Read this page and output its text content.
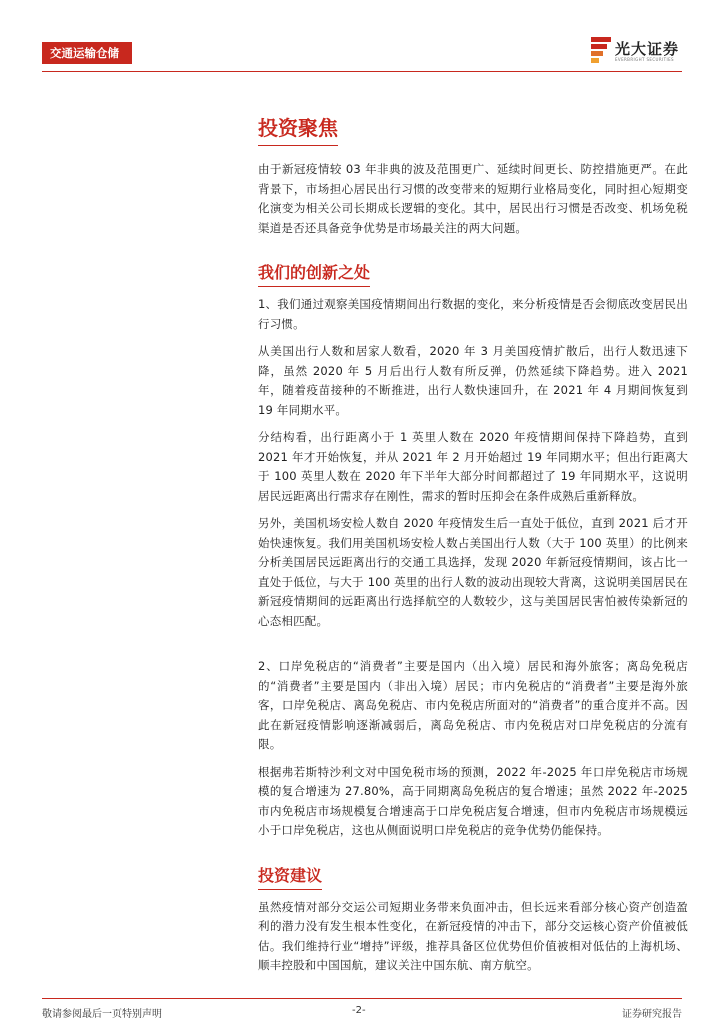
交通运输仓储	光大证券
EVERBRIGHT SECURITIES
投资聚焦

由于新冠疫情较 03 年非典的波及范围更广、延续时间更长、防控措施更严。在此背景下，市场担心居民出行习惯的改变带来的短期行业格局变化，同时担心短期变化演变为相关公司长期成长逻辑的变化。其中，居民出行习惯是否改变、机场免税渠道是否还具备竞争优势是市场最关注的两大问题。

我们的创新之处

1、我们通过观察美国疫情期间出行数据的变化，来分析疫情是否会彻底改变居民出行习惯。

从美国出行人数和居家人数看，2020 年 3 月美国疫情扩散后，出行人数迅速下降，虽然 2020 年 5 月后出行人数有所反弹，仍然延续下降趋势。进入 2021 年，随着疫苗接种的不断推进，出行人数快速回升，在 2021 年 4 月期间恢复到 19 年同期水平。

分结构看，出行距离小于 1 英里人数在 2020 年疫情期间保持下降趋势，直到 2021 年才开始恢复，并从 2021 年 2 月开始超过 19 年同期水平；但出行距离大于 100 英里人数在 2020 年下半年大部分时间都超过了 19 年同期水平，这说明居民远距离出行需求存在刚性，需求的暂时压抑会在条件成熟后重新释放。

另外，美国机场安检人数自 2020 年疫情发生后一直处于低位，直到 2021 后才开始快速恢复。我们用美国机场安检人数占美国出行人数（大于 100 英里）的比例来分析美国居民远距离出行的交通工具选择，发现 2020 年新冠疫情期间，该占比一直处于低位，与大于 100 英里的出行人数的波动出现较大背离，这说明美国居民在新冠疫情期间的远距离出行选择航空的人数较少，这与美国居民害怕被传染新冠的心态相匹配。

2、口岸免税店的“消费者”主要是国内（出入境）居民和海外旅客；离岛免税店的“消费者”主要是国内（非出入境）居民；市内免税店的“消费者”主要是海外旅客，口岸免税店、离岛免税店、市内免税店所面对的“消费者”的重合度并不高。因此在新冠疫情影响逐渐减弱后，离岛免税店、市内免税店对口岸免税店的分流有限。

根据弗若斯特沙利文对中国免税市场的预测，2022 年-2025 年口岸免税店市场规模的复合增速为 27.80%，高于同期离岛免税店的复合增速；虽然 2022 年-2025 市内免税店市场规模复合增速高于口岸免税店复合增速，但市内免税店市场规模远小于口岸免税店，这也从侧面说明口岸免税店的竞争优势仍能保持。

投资建议

虽然疫情对部分交运公司短期业务带来负面冲击，但长远来看部分核心资产创造盈利的潜力没有发生根本性变化，在新冠疫情的冲击下，部分交运核心资产价值被低估。我们维持行业“增持”评级，推荐具备区位优势但价值被相对低估的上海机场、顺丰控股和中国国航，建议关注中国东航、南方航空。

敬请参阅最后一页特别声明	-2-	证券研究报告
